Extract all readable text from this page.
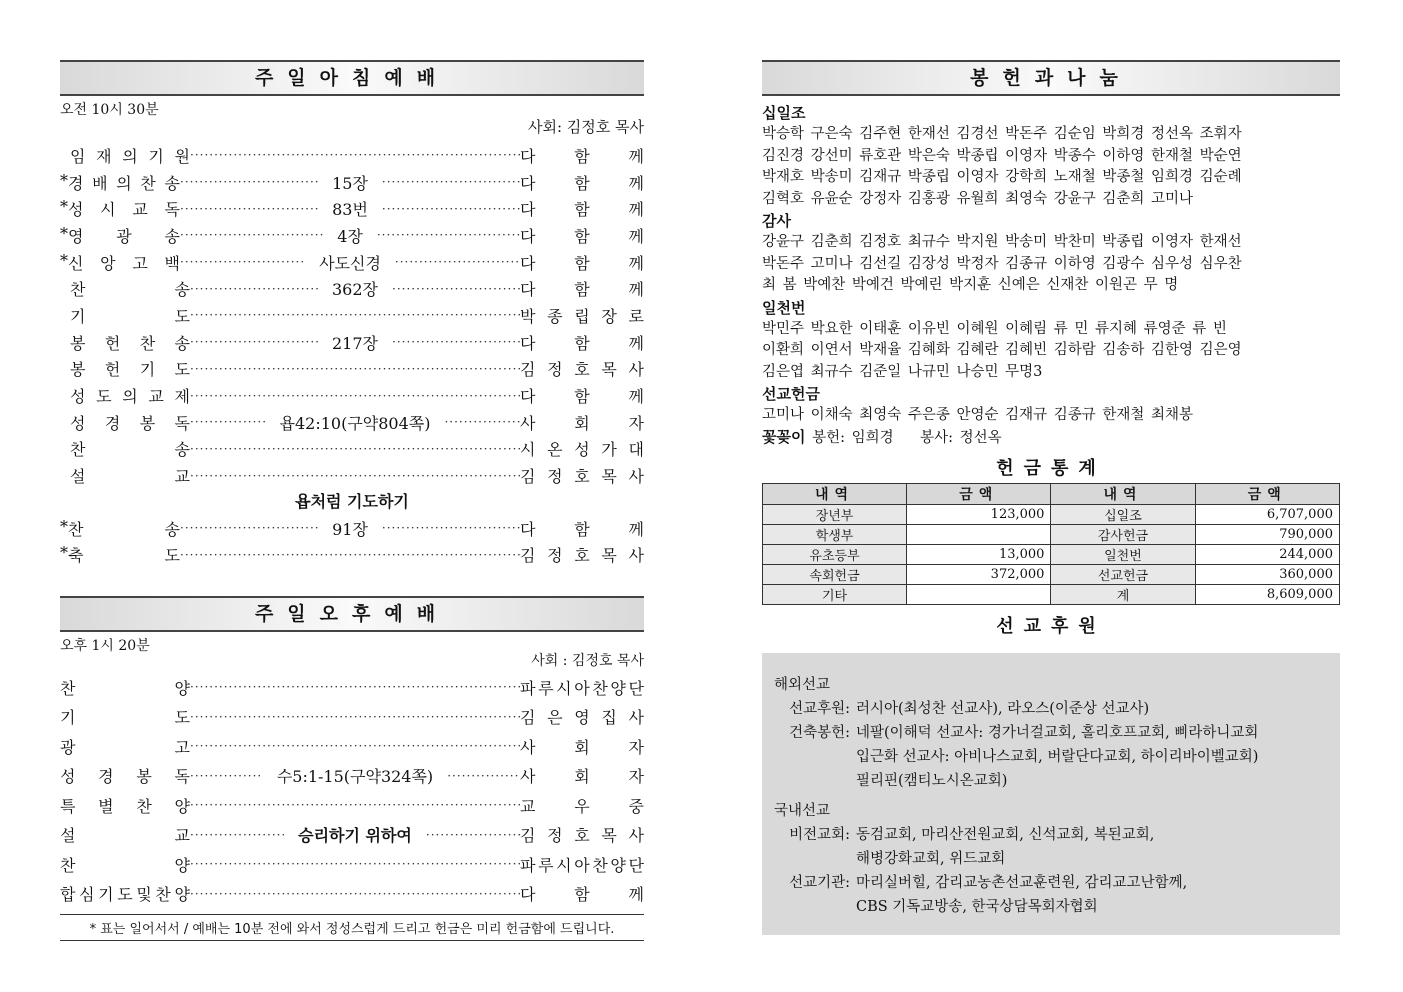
주일아침예배
오전 10시 30분
사회: 김정호 목사
임 재 의 기 원 ·····	다 함 께
* 경 배 의 찬 송 ·····	15장 ·····	다 함 께
* 성 시 교 독 ·····	83번 ·····	다 함 께
* 영 광 송 ·····	4장 ·····	다 함 께
* 신 앙 고 백 ·····	사도신경 ·····	다 함 께
찬	송 ·····	362장 ·····	다 함 께
기	도 ·····	박 종 립 장 로
봉 헌 찬 송 ·····	217장 ·····	다 함 께
봉 헌 기 도 ·····	김 정 호 목 사
성 도 의 교 제 ·····	다 함 께
성 경 봉 독 ·····	욥42:10(구약804쪽) ·····	사 회 자
찬	송 ·····	시 온 성 가 대
설	교 ·····	김 정 호 목 사
욥처럼 기도하기
* 찬	송 ·····	91장 ·····	다 함 께
* 축	도 ·····	김 정 호 목 사
주일오후예배
오후 1시 20분
사회 : 김정호 목사
찬	양 ·····	파 루 시 아 찬 양 단
기	도 ·····	김 은 영 집 사
광	고 ·····	사 회 자
성 경 봉 독 ·····	수5:1-15(구약324쪽) ·····	사 회 자
특 별 찬 양 ·····	교 우 중
설	교 ·····	승리하기 위하여 ·····	김 정 호 목 사
찬	양 ·····	파 루 시 아 찬 양 단
합 심 기 도 및 찬 양 ·····	다 함 께
* 표는 일어서서 / 예배는 10분 전에 와서 정성스럽게 드리고 헌금은 미리 헌금함에 드립니다.
봉헌과나눔
십일조
박승학 구은숙 김주현 한재선 김경선 박돈주 김순임 박희경 정선옥 조휘자
김진경 강선미 류호관 박은숙 박종립 이영자 박종수 이하영 한재철 박순연
박재호 박송미 김재규 박종립 이영자 강학희 노재철 박종철 임희경 김순례
김혁호 유윤순 강정자 김홍광 유월희 최영숙 강윤구 김춘희 고미나
감사
강윤구 김춘희 김정호 최규수 박지원 박송미 박찬미 박종립 이영자 한재선
박돈주 고미나 김선길 김장성 박정자 김종규 이하영 김광수 심우성 심우찬
최 봄 박예찬 박예건 박예린 박지훈 신예은 신재찬 이원곤 무 명
일천번
박민주 박요한 이태훈 이유빈 이혜원 이혜림 류 민 류지혜 류영준 류 빈
이환희 이연서 박재율 김혜화 김혜란 김혜빈 김하람 김송하 김한영 김은영
김은엽 최규수 김준일 나규민 나승민 무명3
선교헌금
고미나 이채숙 최영숙 주은종 안영순 김재규 김종규 한재철 최채봉
꽃꽂이 봉헌: 임희경    봉사: 정선옥
헌금통계
내역	금액	내역	금액
장년부	123,000	십일조	6,707,000
학생부		감사헌금	790,000
유초등부	13,000	일천번	244,000
속회헌금	372,000	선교헌금	360,000
기타		계	8,609,000
선교후원
해외선교
선교후원: 러시아(최성찬 선교사), 라오스(이준상 선교사)
건축봉헌: 네팔(이해덕 선교사: 경가너걸교회, 홀리호프교회, 삐라하니교회
입근화 선교사: 아비나스교회, 버랄단다교회, 하이리바이벨교회)
필리핀(캠티노시온교회)
국내선교
비전교회: 동검교회, 마리산전원교회, 신석교회, 복된교회,
해병강화교회, 위드교회
선교기관: 마리실버힐, 감리교농촌선교훈련원, 감리교고난함께,
CBS 기독교방송, 한국상담목회자협회
